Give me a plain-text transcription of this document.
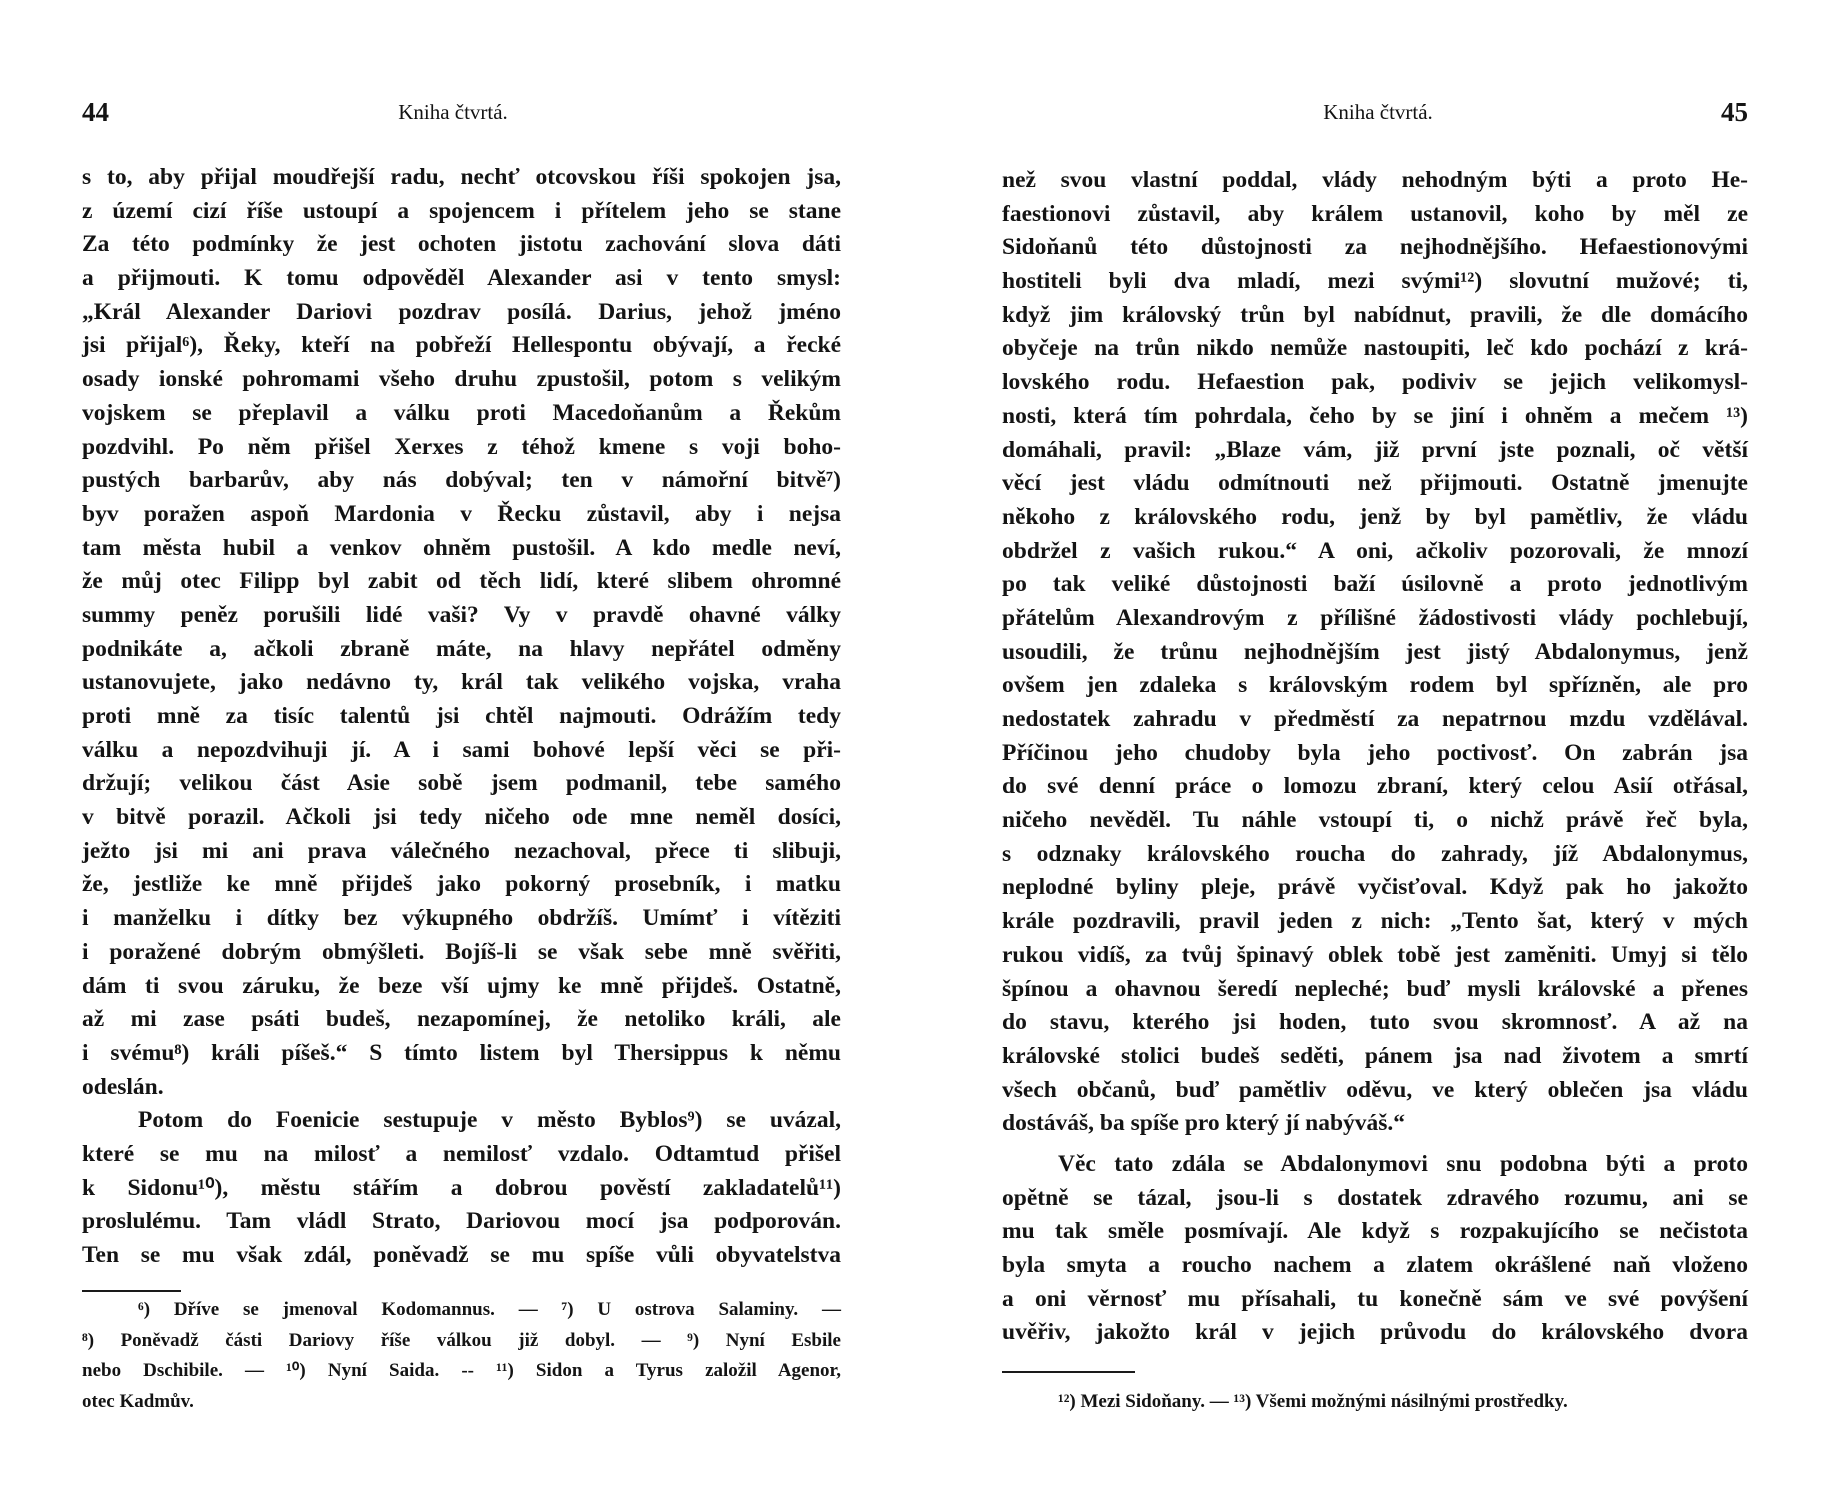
44	Kniha čtvrtá.
s to, aby přijal moudřejší radu, nechť otcovskou říši spokojen jsa,
z území cizí říše ustoupí a spojencem i přítelem jeho se stane
Za této podmínky že jest ochoten jistotu zachování slova dáti
a přijmouti. K tomu odpověděl Alexander asi v tento smysl:
„Král Alexander Dariovi pozdrav posílá. Darius, jehož jméno
jsi přijal⁶), Řeky, kteří na pobřeží Hellespontu obývají, a řecké
osady ionské pohromami všeho druhu zpustošil, potom s velikým
vojskem se přeplavil a válku proti Macedoňanům a Řekům
pozdvihl. Po něm přišel Xerxes z téhož kmene s voji boho-
pustých barbarův, aby nás dobýval; ten v námořní bitvě⁷)
byv poražen aspoň Mardonia v Řecku zůstavil, aby i nejsa
tam města hubil a venkov ohněm pustošil. A kdo medle neví,
že můj otec Filipp byl zabit od těch lidí, které slibem ohromné
summy peněz porušili lidé vaši? Vy v pravdě ohavné války
podnikáte a, ačkoli zbraně máte, na hlavy nepřátel odměny
ustanovujete, jako nedávno ty, král tak velikého vojska, vraha
proti mně za tisíc talentů jsi chtěl najmouti. Odrážím tedy
válku a nepozdvihuji jí. A i sami bohové lepší věci se při-
držují; velikou část Asie sobě jsem podmanil, tebe samého
v bitvě porazil. Ačkoli jsi tedy ničeho ode mne neměl dosíci,
ježto jsi mi ani prava válečného nezachoval, přece ti slibuji,
že, jestliže ke mně přijdeš jako pokorný prosebník, i matku
i manželku i dítky bez výkupného obdržíš. Umímť i vítěziti
i poražené dobrým obmýšleti. Bojíš-li se však sebe mně svěřiti,
dám ti svou záruku, že beze vší ujmy ke mně přijdeš. Ostatně,
až mi zase psáti budeš, nezapomínej, že netoliko králi, ale
i svému⁸) králi píšeš.“ S tímto listem byl Thersippus k němu
odeslán.
Potom do Foenicie sestupuje v město Byblos⁹) se uvázal,
které se mu na milosť a nemilosť vzdalo. Odtamtud přišel
k Sidonu¹⁰), městu stářím a dobrou pověstí zakladatelů¹¹)
proslulému. Tam vládl Strato, Dariovou mocí jsa podporován.
Ten se mu však zdál, poněvadž se mu spíše vůli obyvatelstva
⁶) Dříve se jmenoval Kodomannus. — ⁷) U ostrova Salaminy. —
⁸) Poněvadž části Dariovy říše válkou již dobyl. — ⁹) Nyní Esbile
nebo Dschibile. — ¹⁰) Nyní Saida. -- ¹¹) Sidon a Tyrus založil Agenor,
otec Kadmův.
Kniha čtvrtá.	45
než svou vlastní poddal, vlády nehodným býti a proto He-
faestionovi zůstavil, aby králem ustanovil, koho by měl ze
Sidoňanů této důstojnosti za nejhodnějšího. Hefaestionovými
hostiteli byli dva mladí, mezi svými¹²) slovutní mužové; ti,
když jim královský trůn byl nabídnut, pravili, že dle domácího
obyčeje na trůn nikdo nemůže nastoupiti, leč kdo pochází z krá-
lovského rodu. Hefaestion pak, podiviv se jejich velikomysl-
nosti, která tím pohrdala, čeho by se jiní i ohněm a mečem ¹³)
domáhali, pravil: „Blaze vám, již první jste poznali, oč větší
věcí jest vládu odmítnouti než přijmouti. Ostatně jmenujte
někoho z královského rodu, jenž by byl pamětliv, že vládu
obdržel z vašich rukou.“ A oni, ačkoliv pozorovali, že mnozí
po tak veliké důstojnosti baží úsilovně a proto jednotlivým
přátelům Alexandrovým z přílišné žádostivosti vlády pochlebují,
usoudili, že trůnu nejhodnějším jest jistý Abdalonymus, jenž
ovšem jen zdaleka s královským rodem byl spřízněn, ale pro
nedostatek zahradu v předměstí za nepatrnou mzdu vzdělával.
Příčinou jeho chudoby byla jeho poctivosť. On zabrán jsa
do své denní práce o lomozu zbraní, který celou Asií otřásal,
ničeho nevěděl. Tu náhle vstoupí ti, o nichž právě řeč byla,
s odznaky královského roucha do zahrady, jíž Abdalonymus,
neplodné byliny pleje, právě vyčisťoval. Když pak ho jakožto
krále pozdravili, pravil jeden z nich: „Tento šat, který v mých
rukou vidíš, za tvůj špinavý oblek tobě jest zaměniti. Umyj si tělo
špínou a ohavnou šeredí nepleché; buď mysli královské a přenes
do stavu, kterého jsi hoden, tuto svou skromnosť. A až na
královské stolici budeš seděti, pánem jsa nad životem a smrtí
všech občanů, buď pamětliv oděvu, ve který oblečen jsa vládu
dostáváš, ba spíše pro který jí nabýváš.“
Věc tato zdála se Abdalonymovi snu podobna býti a proto
opětně se tázal, jsou-li s dostatek zdravého rozumu, ani se
mu tak směle posmívají. Ale když s rozpakujícího se nečistota
byla smyta a roucho nachem a zlatem okrášlené naň vloženo
a oni věrnosť mu přísahali, tu konečně sám ve své povýšení
uvěřiv, jakožto král v jejich průvodu do královského dvora
¹²) Mezi Sidoňany. — ¹³) Všemi možnými násilnými prostředky.
